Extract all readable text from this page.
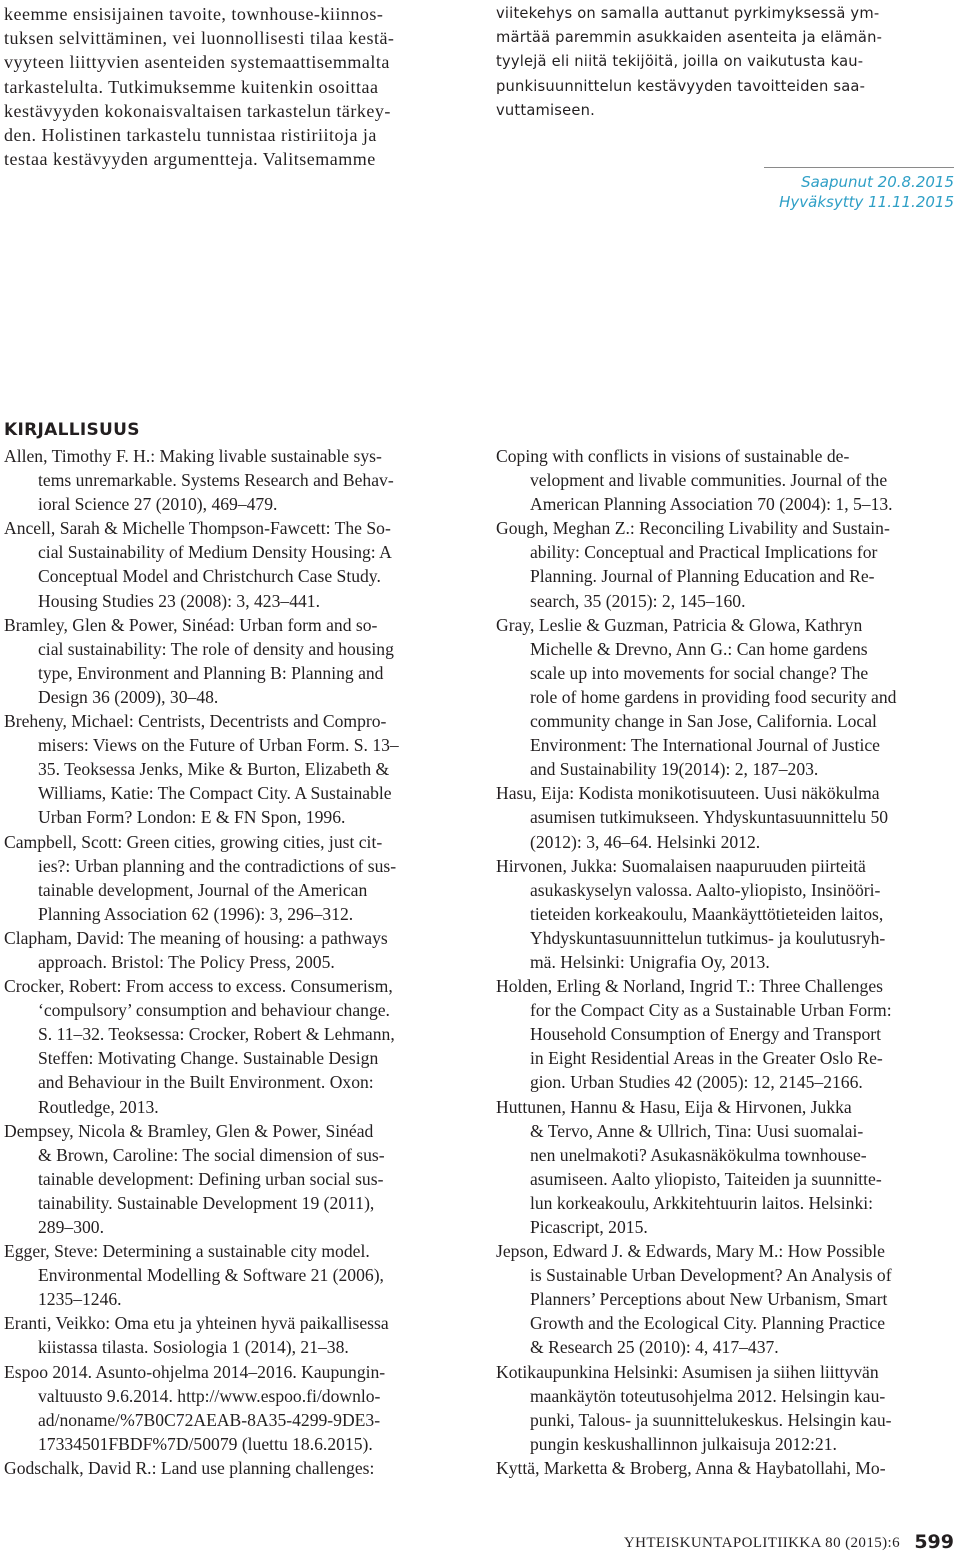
keemme ensisijainen tavoite, townhouse-kiinnos-
tuksen selvittäminen, vei luonnollisesti tilaa kestä-
vyyteen liittyvien asenteiden systemaattisemmalta
tarkastelulta. Tutkimuksemme kuitenkin osoittaa
kestävyyden kokonaisvaltaisen tarkastelun tärkey-
den. Holistinen tarkastelu tunnistaa ristiriitoja ja
testaa kestävyyden argumentteja. Valitsemamme

viitekehys on samalla auttanut pyrkimyksessä ym-
märtää paremmin asukkaiden asenteita ja elämän-
tyylejä eli niitä tekijöitä, joilla on vaikutusta kau-
punkisuunnittelun kestävyyden tavoitteiden saa-
vuttamiseen.

Saapunut 20.8.2015
Hyväksytty 11.11.2015
KIRJALLISUUS

Allen, Timothy F. H.: Making livable sustainable sys-
tems unremarkable. Systems Research and Behav-
ioral Science 27 (2010), 469–479.

Ancell, Sarah & Michelle Thompson-Fawcett: The So-
cial Sustainability of Medium Density Housing: A
Conceptual Model and Christchurch Case Study.
Housing Studies 23 (2008): 3, 423–441.

Bramley, Glen & Power, Sinéad: Urban form and so-
cial sustainability: The role of density and housing
type, Environment and Planning B: Planning and
Design 36 (2009), 30–48.

Breheny, Michael: Centrists, Decentrists and Compro-
misers: Views on the Future of Urban Form. S. 13–
35. Teoksessa Jenks, Mike & Burton, Elizabeth &
Williams, Katie: The Compact City. A Sustainable
Urban Form? London: E & FN Spon, 1996.

Campbell, Scott: Green cities, growing cities, just cit-
ies?: Urban planning and the contradictions of sus-
tainable development, Journal of the American
Planning Association 62 (1996): 3, 296–312.

Clapham, David: The meaning of housing: a pathways
approach. Bristol: The Policy Press, 2005.

Crocker, Robert: From access to excess. Consumerism,
‘compulsory’ consumption and behaviour change.
S. 11–32. Teoksessa: Crocker, Robert & Lehmann,
Steffen: Motivating Change. Sustainable Design
and Behaviour in the Built Environment. Oxon:
Routledge, 2013.

Dempsey, Nicola & Bramley, Glen & Power, Sinéad
& Brown, Caroline: The social dimension of sus-
tainable development: Defining urban social sus-
tainability. Sustainable Development 19 (2011),
289–300.

Egger, Steve: Determining a sustainable city model.
Environmental Modelling & Software 21 (2006),
1235–1246.

Eranti, Veikko: Oma etu ja yhteinen hyvä paikallisessa
kiistassa tilasta. Sosiologia 1 (2014), 21–38.

Espoo 2014. Asunto-ohjelma 2014–2016. Kaupungin-
valtuusto 9.6.2014. http://www.espoo.fi/downlo-
ad/noname/%7B0C72AEAB-8A35-4299-9DE3-
17334501FBDF%7D/50079 (luettu 18.6.2015).

Godschalk, David R.: Land use planning challenges:

Coping with conflicts in visions of sustainable de-
velopment and livable communities. Journal of the
American Planning Association 70 (2004): 1, 5–13.

Gough, Meghan Z.: Reconciling Livability and Sustain-
ability: Conceptual and Practical Implications for
Planning. Journal of Planning Education and Re-
search, 35 (2015): 2, 145–160.

Gray, Leslie & Guzman, Patricia & Glowa, Kathryn
Michelle & Drevno, Ann G.: Can home gardens
scale up into movements for social change? The
role of home gardens in providing food security and
community change in San Jose, California. Local
Environment: The International Journal of Justice
and Sustainability 19(2014): 2, 187–203.

Hasu, Eija: Kodista monikotisuuteen. Uusi näkökulma
asumisen tutkimukseen. Yhdyskuntasuunnittelu 50
(2012): 3, 46–64. Helsinki 2012.

Hirvonen, Jukka: Suomalaisen naapuruuden piirteitä
asukaskyselyn valossa. Aalto-yliopisto, Insinööri-
tieteiden korkeakoulu, Maankäyttötieteiden laitos,
Yhdyskuntasuunnittelun tutkimus- ja koulutusryh-
mä. Helsinki: Unigrafia Oy, 2013.

Holden, Erling & Norland, Ingrid T.: Three Challenges
for the Compact City as a Sustainable Urban Form:
Household Consumption of Energy and Transport
in Eight Residential Areas in the Greater Oslo Re-
gion. Urban Studies 42 (2005): 12, 2145–2166.

Huttunen, Hannu & Hasu, Eija & Hirvonen, Jukka
& Tervo, Anne & Ullrich, Tina: Uusi suomalai-
nen unelmakoti? Asukasnäkökulma townhouse-
asumiseen. Aalto yliopisto, Taiteiden ja suunnitte-
lun korkeakoulu, Arkkitehtuurin laitos. Helsinki:
Picascript, 2015.

Jepson, Edward J. & Edwards, Mary M.: How Possible
is Sustainable Urban Development? An Analysis of
Planners’ Perceptions about New Urbanism, Smart
Growth and the Ecological City. Planning Practice
& Research 25 (2010): 4, 417–437.

Kotikaupunkina Helsinki: Asumisen ja siihen liittyvän
maankäytön toteutusohjelma 2012. Helsingin kau-
punki, Talous- ja suunnittelukeskus. Helsingin kau-
pungin keskushallinnon julkaisuja 2012:21.

Kyttä, Marketta & Broberg, Anna & Haybatollahi, Mo-

YHTEISKUNTAPOLITIIKKA 80 (2015):6 599
